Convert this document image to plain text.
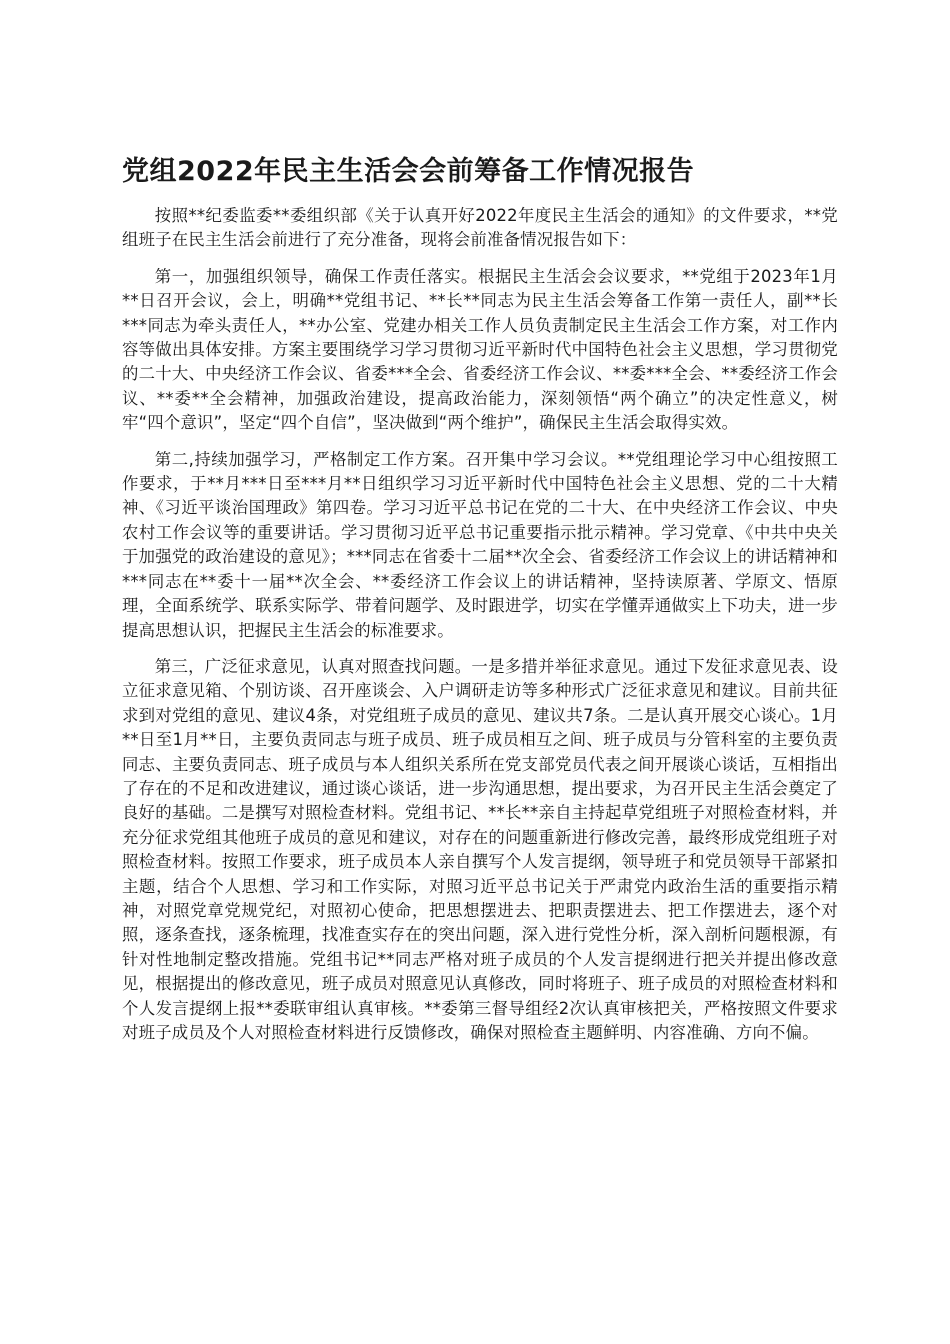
党组2022年民主生活会会前筹备工作情况报告

按照**纪委监委**委组织部《关于认真开好2022年度民主生活会的通知》的文件要求，**党组班子在民主生活会前进行了充分准备，现将会前准备情况报告如下：

第一，加强组织领导，确保工作责任落实。根据民主生活会会议要求，**党组于2023年1月**日召开会议，会上，明确**党组书记、**长**同志为民主生活会筹备工作第一责任人，副**长***同志为牵头责任人，**办公室、党建办相关工作人员负责制定民主生活会工作方案，对工作内容等做出具体安排。方案主要围绕学习学习贯彻习近平新时代中国特色社会主义思想，学习贯彻党的二十大、中央经济工作会议、省委***全会、省委经济工作会议、**委***全会、**委经济工作会议、**委**全会精神，加强政治建设，提高政治能力，深刻领悟“两个确立”的决定性意义，树牢“四个意识”，坚定“四个自信”，坚决做到“两个维护”，确保民主生活会取得实效。

第二,持续加强学习，严格制定工作方案。召开集中学习会议。**党组理论学习中心组按照工作要求，于**月***日至***月**日组织学习习近平新时代中国特色社会主义思想、党的二十大精神、《习近平谈治国理政》第四卷。学习习近平总书记在党的二十大、在中央经济工作会议、中央农村工作会议等的重要讲话。学习贯彻习近平总书记重要指示批示精神。学习党章、《中共中央关于加强党的政治建设的意见》；***同志在省委十二届**次全会、省委经济工作会议上的讲话精神和***同志在**委十一届**次全会、**委经济工作会议上的讲话精神，坚持读原著、学原文、悟原理，全面系统学、联系实际学、带着问题学、及时跟进学，切实在学懂弄通做实上下功夫，进一步提高思想认识，把握民主生活会的标准要求。

第三，广泛征求意见，认真对照查找问题。一是多措并举征求意见。通过下发征求意见表、设立征求意见箱、个别访谈、召开座谈会、入户调研走访等多种形式广泛征求意见和建议。目前共征求到对党组的意见、建议4条，对党组班子成员的意见、建议共7条。二是认真开展交心谈心。1月**日至1月**日，主要负责同志与班子成员、班子成员相互之间、班子成员与分管科室的主要负责同志、主要负责同志、班子成员与本人组织关系所在党支部党员代表之间开展谈心谈话，互相指出了存在的不足和改进建议，通过谈心谈话，进一步沟通思想，提出要求，为召开民主生活会奠定了良好的基础。二是撰写对照检查材料。党组书记、**长**亲自主持起草党组班子对照检查材料，并充分征求党组其他班子成员的意见和建议，对存在的问题重新进行修改完善，最终形成党组班子对照检查材料。按照工作要求，班子成员本人亲自撰写个人发言提纲，领导班子和党员领导干部紧扣主题，结合个人思想、学习和工作实际，对照习近平总书记关于严肃党内政治生活的重要指示精神，对照党章党规党纪，对照初心使命，把思想摆进去、把职责摆进去、把工作摆进去，逐个对照，逐条查找，逐条梳理，找准查实存在的突出问题，深入进行党性分析，深入剖析问题根源，有针对性地制定整改措施。党组书记**同志严格对班子成员的个人发言提纲进行把关并提出修改意见，根据提出的修改意见，班子成员对照意见认真修改，同时将班子、班子成员的对照检查材料和个人发言提纲上报**委联审组认真审核。**委第三督导组经2次认真审核把关，严格按照文件要求对班子成员及个人对照检查材料进行反馈修改，确保对照检查主题鲜明、内容准确、方向不偏。
